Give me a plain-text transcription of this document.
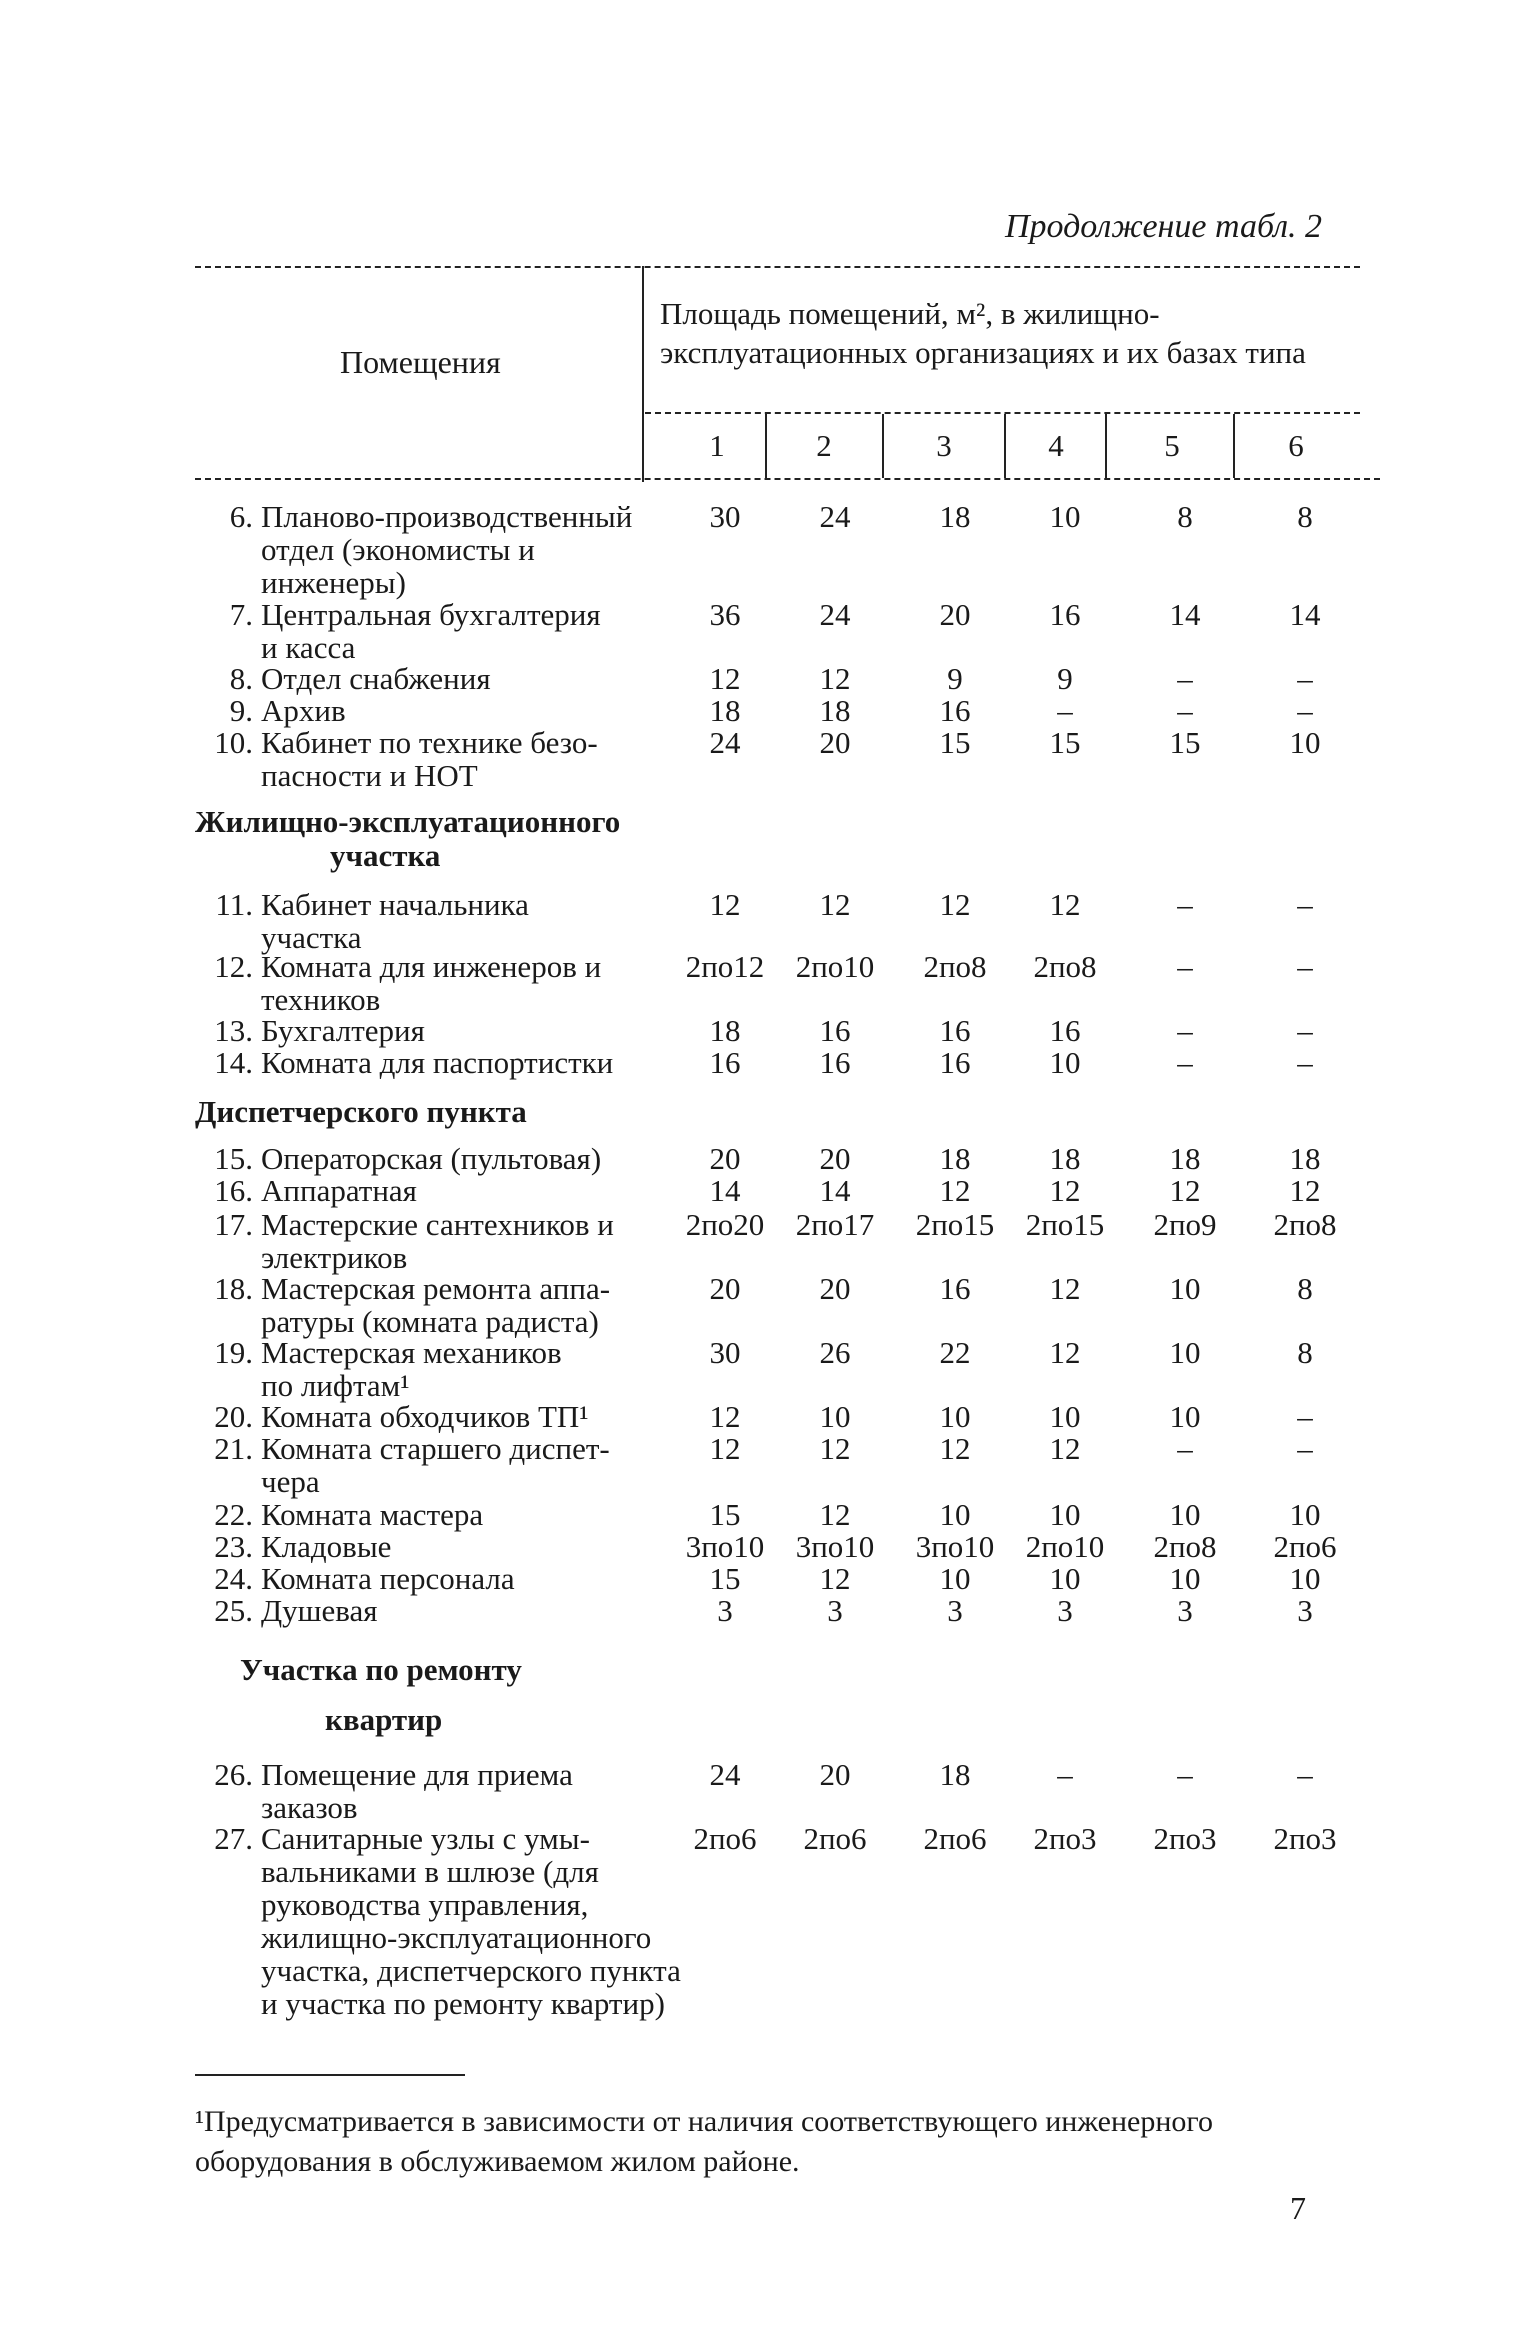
Продолжение табл. 2
Помещения
Площадь помещений, м², в жилищно-эксплуатационных организациях и их базах типа
1	2	3	4	5	6
6. Планово-производственный
отдел (экономисты и инженеры)
30	24	18	10	8	8
7. Центральная бухгалтерия
и касса
36	24	20	16	14	14
8. Отдел снабжения	12	12	9	9	–	–
9. Архив	18	18	16	–	–	–
10. Кабинет по технике безо-
пасности и НОТ
24	20	15	15	15	10
11. Кабинет начальника
участка
12	12	12	12	–	–
12. Комната для инженеров и
техников
2по12	2по10	2по8	2по8	–	–
13. Бухгалтерия	18	16	16	16	–	–
14. Комната для паспортистки	16	16	16	10	–	–
15. Операторская (пультовая)	20	20	18	18	18	18
16. Аппаратная	14	14	12	12	12	12
17. Мастерские сантехников и
электриков
2по20	2по17	2по15	2по15	2по9	2по8
18. Мастерская ремонта аппа-
ратуры (комната радиста)
20	20	16	12	10	8
19. Мастерская механиков
по лифтам¹
30	26	22	12	10	8
20. Комната обходчиков ТП¹	12	10	10	10	10	–
21. Комната старшего диспет-
чера
12	12	12	12	–	–
22. Комната мастера	15	12	10	10	10	10
23. Кладовые	3по10	3по10	3по10	2по10	2по8	2по6
24. Комната персонала	15	12	10	10	10	10
25. Душевая	3	3	3	3	3	3
26. Помещение для приема
заказов
24	20	18	–	–	–
27. Санитарные узлы с умы-
вальниками в шлюзе (для руководства управления, жилищно-эксплуатационного участка, диспетчерского пункта и участка по ремонту квартир)
2по6	2по6	2по6	2по3	2по3	2по3
Жилищно-эксплуатационного
участка
Диспетчерского пункта
Участка по ремонту
квартир
¹Предусматривается в зависимости от наличия соответствующего инженерного оборудования в обслуживаемом жилом районе.
7
